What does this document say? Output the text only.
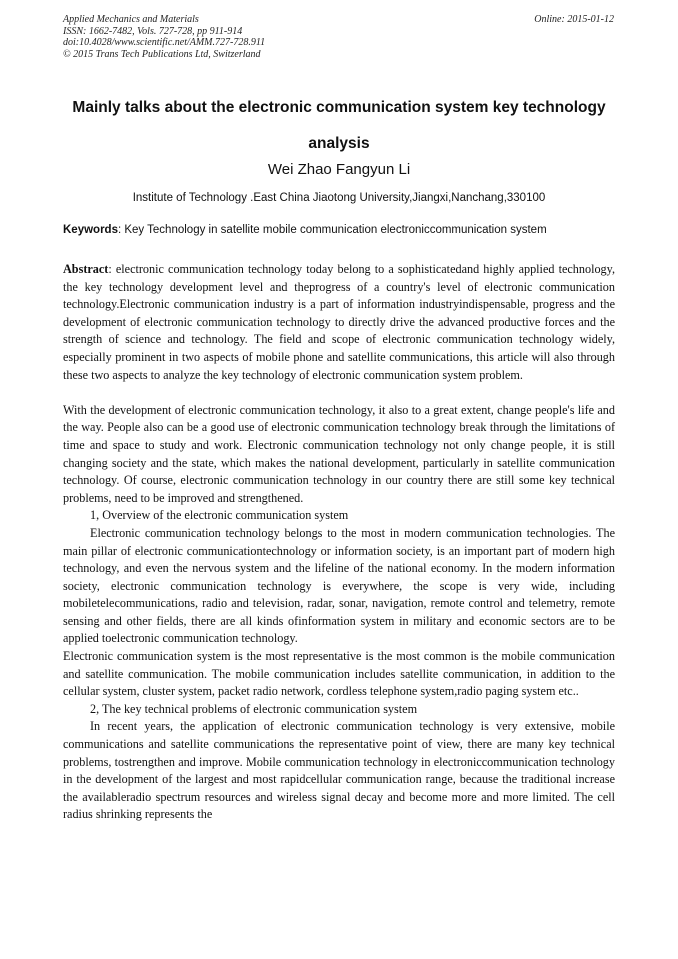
Applied Mechanics and Materials
ISSN: 1662-7482, Vols. 727-728, pp 911-914
doi:10.4028/www.scientific.net/AMM.727-728.911
© 2015 Trans Tech Publications Ltd, Switzerland
Online: 2015-01-12
Mainly talks about the electronic communication system key technology analysis
Wei Zhao Fangyun Li
Institute of Technology .East China Jiaotong University,Jiangxi,Nanchang,330100
Keywords: Key Technology in satellite mobile communication electroniccommunication system

Abstract: electronic communication technology today belong to a sophisticatedand highly applied technology, the key technology development level and theprogress of a country's level of electronic communication technology.Electronic communication industry is a part of information industryindispensable, progress and the development of electronic communication technology to directly drive the advanced productive forces and the strength of science and technology. The field and scope of electronic communication technology widely, especially prominent in two aspects of mobile phone and satellite communications, this article will also through these two aspects to analyze the key technology of electronic communication system problem.

With the development of electronic communication technology, it also to a great extent, change people's life and the way. People also can be a good use of electronic communication technology break through the limitations of time and space to study and work. Electronic communication technology not only change people, it is still changing society and the state, which makes the national development, particularly in satellite communication technology. Of course, electronic communication technology in our country there are still some key technical problems, need to be improved and strengthened.

1, Overview of the electronic communication system

Electronic communication technology belongs to the most in modern communication technologies. The main pillar of electronic communicationtechnology or information society, is an important part of modern high technology, and even the nervous system and the lifeline of the national economy. In the modern information society, electronic communication technology is everywhere, the scope is very wide, including mobiletelecommunications, radio and television, radar, sonar, navigation, remote control and telemetry, remote sensing and other fields, there are all kinds ofinformation system in military and economic sectors are to be applied toelectronic communication technology.

Electronic communication system is the most representative is the most common is the mobile communication and satellite communication. The mobile communication includes satellite communication, in addition to the cellular system, cluster system, packet radio network, cordless telephone system,radio paging system etc..

2, The key technical problems of electronic communication system

In recent years, the application of electronic communication technology is very extensive, mobile communications and satellite communications the representative point of view, there are many key technical problems, tostrengthen and improve. Mobile communication technology in electroniccommunication technology in the development of the largest and most rapidcellular communication range, because the traditional increase the availableradio spectrum resources and wireless signal decay and become more and more limited. The cell radius shrinking represents the
